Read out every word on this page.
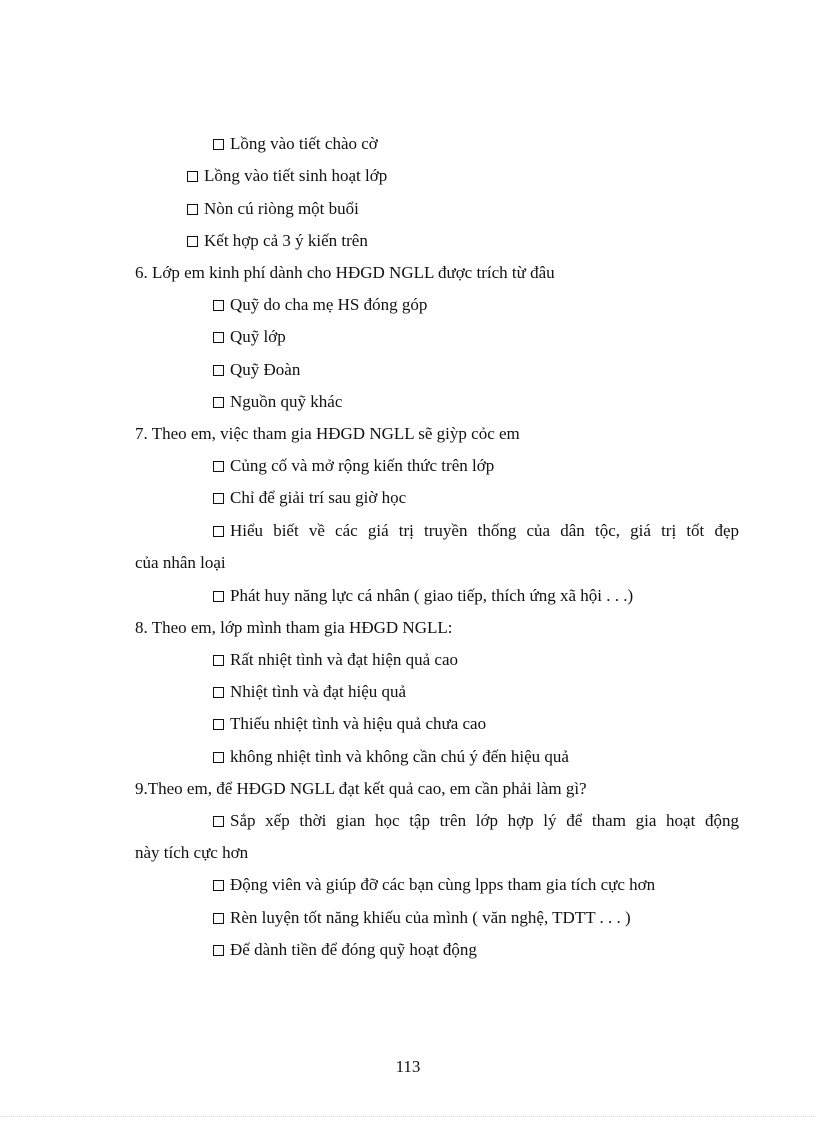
Lồng vào tiết chào cờ
Lồng vào tiết sinh hoạt lớp
Nòn cú riòng một buổi
Kết hợp cả 3 ý kiến trên
6. Lớp em kinh phí dành cho HĐGD NGLL được trích từ đâu
Quỹ do cha mẹ HS đóng góp
Quỹ lớp
Quỹ Đoàn
Nguồn quỹ khác
7. Theo em, việc tham gia HĐGD NGLL sẽ giỳp cỏc em
Củng cố và mở rộng kiến thức trên lớp
Chỉ để giải trí sau giờ học
Hiểu biết về các giá trị truyền thống của dân tộc, giá trị tốt đẹp
của nhân loại
Phát huy năng lực cá nhân ( giao tiếp, thích ứng xã hội . . .)
8. Theo em, lớp mình tham gia HĐGD NGLL:
Rất nhiệt tình và đạt hiện quả cao
Nhiệt tình và đạt hiệu quả
Thiếu nhiệt tình và hiệu quả chưa cao
không nhiệt tình và không cần chú ý đến hiệu quả
9.Theo em, để HĐGD NGLL đạt kết quả cao, em cần phải làm gì?
Sắp xếp thời gian học tập trên lớp hợp lý để tham gia hoạt động
này tích cực hơn
Động viên và giúp đỡ các bạn cùng lpps tham gia tích cực hơn
Rèn luyện tốt năng khiếu của mình ( văn nghệ, TDTT . . . )
Để dành tiền để đóng quỹ hoạt động
113
